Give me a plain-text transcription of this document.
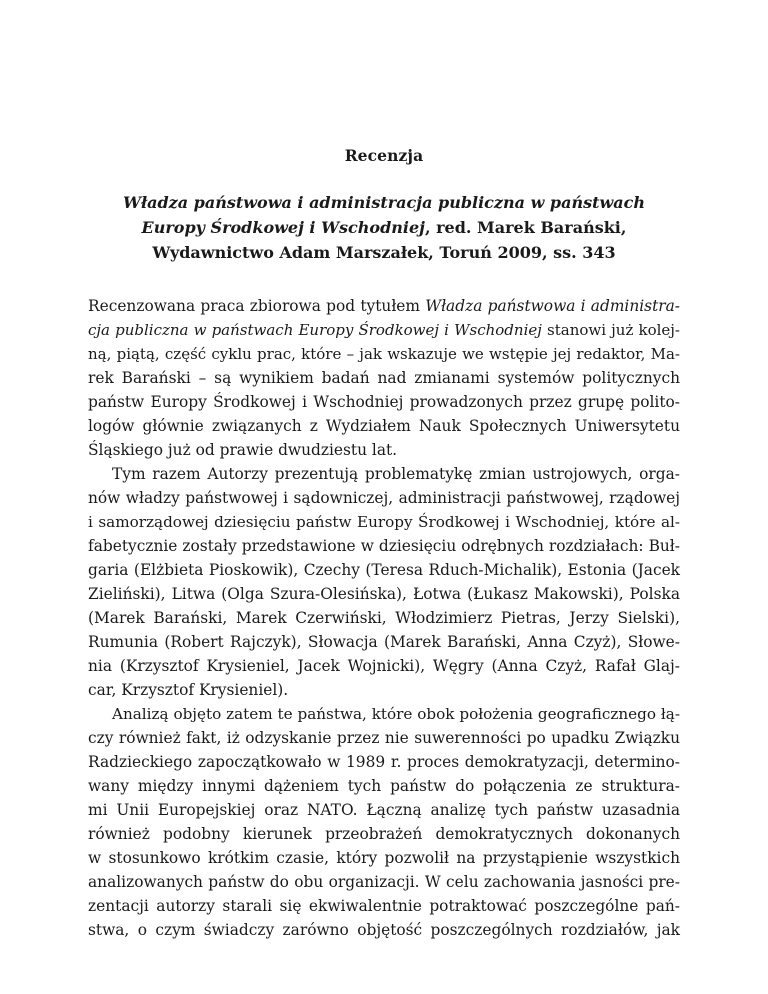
Recenzja
Władza państwowa i administracja publiczna w państwach
Europy Środkowej i Wschodniej, red. Marek Barański,
Wydawnictwo Adam Marszałek, Toruń 2009, ss. 343
Recenzowana praca zbiorowa pod tytułem Władza państwowa i administra-
cja publiczna w państwach Europy Środkowej i Wschodniej stanowi już kolej-
ną, piątą, część cyklu prac, które – jak wskazuje we wstępie jej redaktor, Ma-
rek Barański – są wynikiem badań nad zmianami systemów politycznych
państw Europy Środkowej i Wschodniej prowadzonych przez grupę polito-
logów głównie związanych z Wydziałem Nauk Społecznych Uniwersytetu
Śląskiego już od prawie dwudziestu lat.
Tym razem Autorzy prezentują problematykę zmian ustrojowych, orga-
nów władzy państwowej i sądowniczej, administracji państwowej, rządowej
i samorządowej dziesięciu państw Europy Środkowej i Wschodniej, które al-
fabetycznie zostały przedstawione w dziesięciu odrębnych rozdziałach: Buł-
garia (Elżbieta Pioskowik), Czechy (Teresa Rduch-Michalik), Estonia (Jacek
Zieliński), Litwa (Olga Szura-Olesińska), Łotwa (Łukasz Makowski), Polska
(Marek Barański, Marek Czerwiński, Włodzimierz Pietras, Jerzy Sielski),
Rumunia (Robert Rajczyk), Słowacja (Marek Barański, Anna Czyż), Słowe-
nia (Krzysztof Krysieniel, Jacek Wojnicki), Węgry (Anna Czyż, Rafał Glaj-
car, Krzysztof Krysieniel).
Analizą objęto zatem te państwa, które obok położenia geograficznego łą-
czy również fakt, iż odzyskanie przez nie suwerenności po upadku Związku
Radzieckiego zapoczątkowało w 1989 r. proces demokratyzacji, determino-
wany między innymi dążeniem tych państw do połączenia ze struktura-
mi Unii Europejskiej oraz NATO. Łączną analizę tych państw uzasadnia
również podobny kierunek przeobrażeń demokratycznych dokonanych
w stosunkowo krótkim czasie, który pozwolił na przystąpienie wszystkich
analizowanych państw do obu organizacji. W celu zachowania jasności pre-
zentacji autorzy starali się ekwiwalentnie potraktować poszczególne pań-
stwa, o czym świadczy zarówno objętość poszczególnych rozdziałów, jak
